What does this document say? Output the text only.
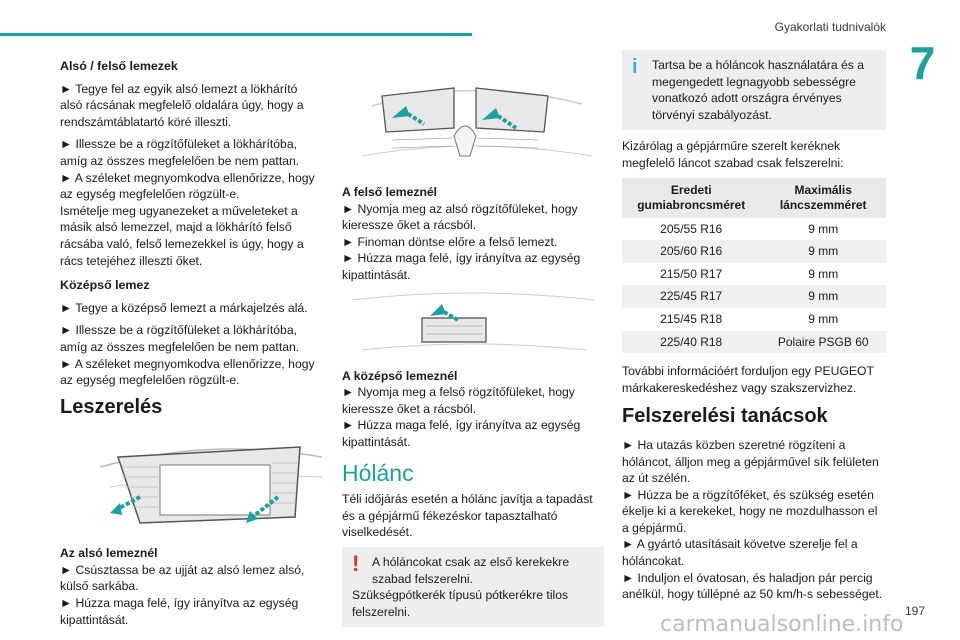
Gyakorlati tudnivalók
7
Alsó / felső lemezek

► Tegye fel az egyik alsó lemezt a lökhárító alsó rácsának megfelelő oldalára úgy, hogy a rendszámtáblatartó köré illeszti.

► Illessze be a rögzítőfüleket a lökhárítóba, amíg az összes megfelelően be nem pattan.

► A széleket megnyomkodva ellenőrizze, hogy az egység megfelelően rögzült-e.

Ismételje meg ugyanezeket a műveleteket a másik alsó lemezzel, majd a lökhárító felső rácsába való, felső lemezekkel is úgy, hogy a rács tetejéhez illeszti őket.

Középső lemez

► Tegye a középső lemezt a márkajelzés alá.

► Illessze be a rögzítőfüleket a lökhárítóba, amíg az összes megfelelően be nem pattan.

► A széleket megnyomkodva ellenőrizze, hogy az egység megfelelően rögzült-e.

Leszerelés

Az alsó lemeznél

► Csúsztassa be az ujját az alsó lemez alsó, külső sarkába.

► Húzza maga felé, így irányítva az egység kipattintását.

A felső lemeznél

► Nyomja meg az alsó rögzítőfüleket, hogy kieressze őket a rácsból.

► Finoman döntse előre a felső lemezt.

► Húzza maga felé, így irányítva az egység kipattintását.

A középső lemeznél

► Nyomja meg a felső rögzítőfüleket, hogy kieressze őket a rácsból.

► Húzza maga felé, így irányítva az egység kipattintását.

Hólánc

Téli időjárás esetén a hólánc javítja a tapadást és a gépjármű fékezéskor tapasztalható viselkedését.

!	A hóláncokat csak az első kerekekre szabad felszerelni.
Szükségpótkerék típusú pótkerékre tilos felszerelni.
i	Tartsa be a hóláncok használatára és a megengedett legnagyobb sebességre vonatkozó adott országra érvényes törvényi szabályozást.

Kizárólag a gépjárműre szerelt keréknek megfelelő láncot szabad csak felszerelni:

Eredeti gumiabroncsméret	Maximális láncszemméret
205/55 R16	9 mm
205/60 R16	9 mm
215/50 R17	9 mm
225/45 R17	9 mm
215/45 R18	9 mm
225/40 R18	Polaire PSGB 60

További információért forduljon egy PEUGEOT márkakereskedéshez vagy szakszervizhez.

Felszerelési tanácsok

► Ha utazás közben szeretné rögzíteni a hóláncot, álljon meg a gépjárművel sík felületen az út szélén.

► Húzza be a rögzítőféket, és szükség esetén ékelje ki a kerekeket, hogy ne mozdulhasson el a gépjármű.

► A gyártó utasításait követve szerelje fel a hóláncokat.

► Induljon el óvatosan, és haladjon pár percig anélkül, hogy túllépné az 50 km/h-s sebességet.

197
carmanualsonline.info
